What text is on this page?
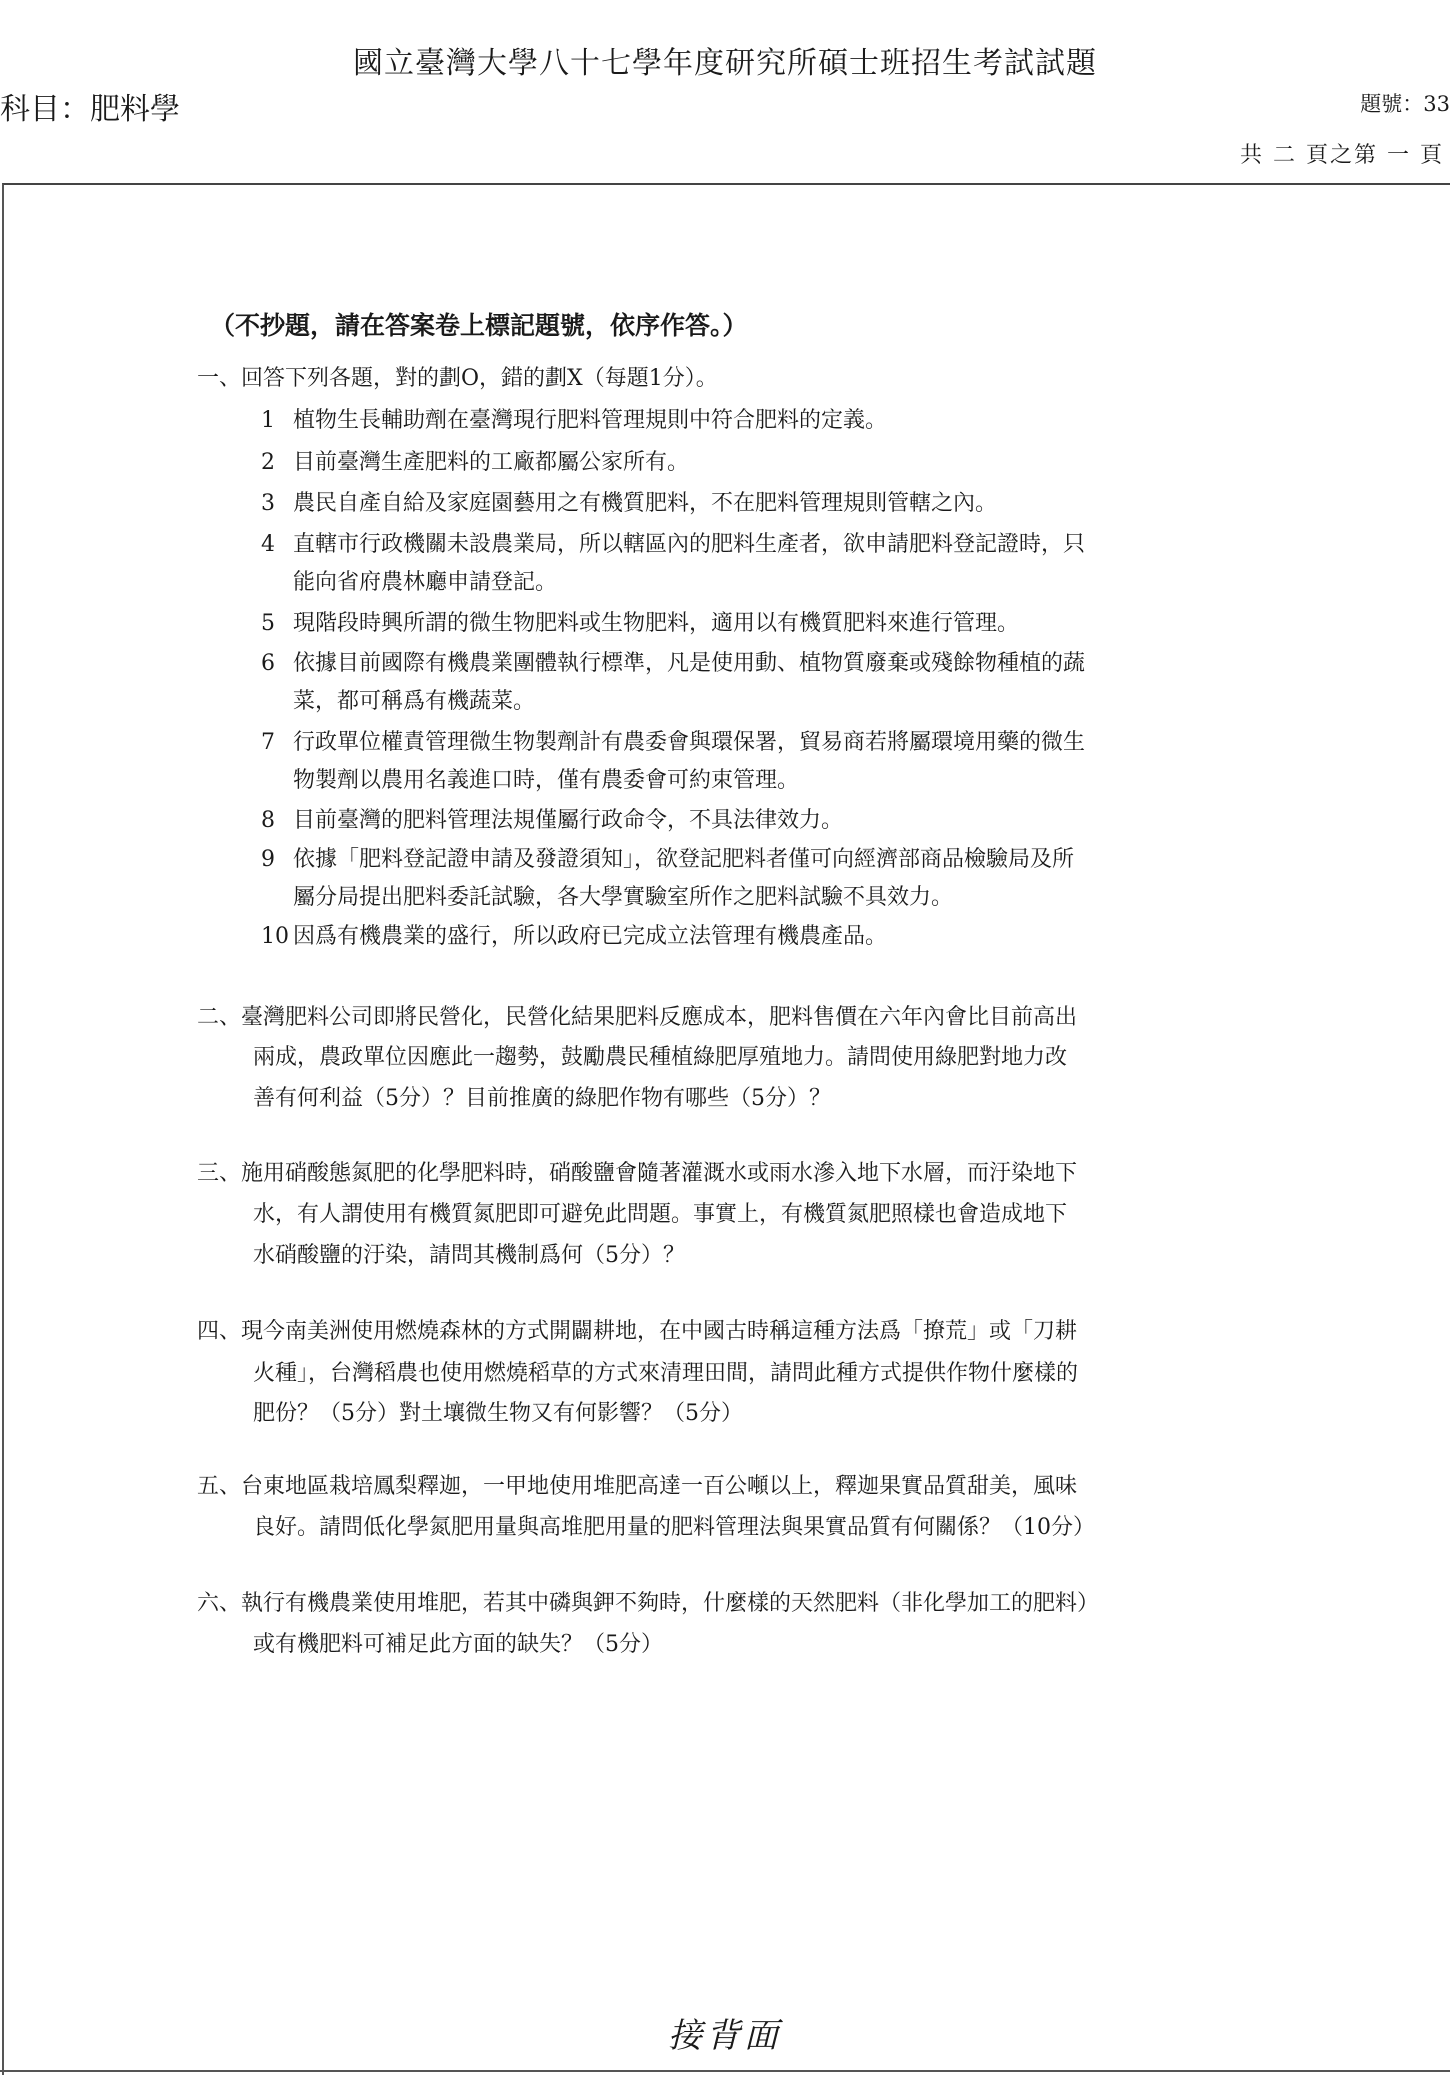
國立臺灣大學八十七學年度研究所碩士班招生考試試題
科目：肥料學	題號：33
共 二 頁之第 一 頁
（不抄題，請在答案卷上標記題號，依序作答。）
一、回答下列各題，對的劃O，錯的劃X（每題1分）。
1 植物生長輔助劑在臺灣現行肥料管理規則中符合肥料的定義。
2 目前臺灣生產肥料的工廠都屬公家所有。
3 農民自產自給及家庭園藝用之有機質肥料，不在肥料管理規則管轄之內。
4 直轄市行政機關未設農業局，所以轄區內的肥料生產者，欲申請肥料登記證時，只
能向省府農林廳申請登記。
5 現階段時興所謂的微生物肥料或生物肥料，適用以有機質肥料來進行管理。
6 依據目前國際有機農業團體執行標準，凡是使用動、植物質廢棄或殘餘物種植的蔬
菜，都可稱爲有機蔬菜。
7 行政單位權責管理微生物製劑計有農委會與環保署，貿易商若將屬環境用藥的微生
物製劑以農用名義進口時，僅有農委會可約束管理。
8 目前臺灣的肥料管理法規僅屬行政命令，不具法律效力。
9 依據「肥料登記證申請及發證須知」，欲登記肥料者僅可向經濟部商品檢驗局及所
屬分局提出肥料委託試驗，各大學實驗室所作之肥料試驗不具效力。
10 因爲有機農業的盛行，所以政府已完成立法管理有機農產品。
二、臺灣肥料公司即將民營化，民營化結果肥料反應成本，肥料售價在六年內會比目前高出
兩成，農政單位因應此一趨勢，鼓勵農民種植綠肥厚殖地力。請問使用綠肥對地力改
善有何利益（5分）？目前推廣的綠肥作物有哪些（5分）？
三、施用硝酸態氮肥的化學肥料時，硝酸鹽會隨著灌溉水或雨水滲入地下水層，而汙染地下
水，有人謂使用有機質氮肥即可避免此問題。事實上，有機質氮肥照樣也會造成地下
水硝酸鹽的汙染，請問其機制爲何（5分）？
四、現今南美洲使用燃燒森林的方式開闢耕地，在中國古時稱這種方法爲「撩荒」或「刀耕
火種」，台灣稻農也使用燃燒稻草的方式來清理田間，請問此種方式提供作物什麼樣的
肥份？（5分）對土壤微生物又有何影響？（5分）
五、台東地區栽培鳳梨釋迦，一甲地使用堆肥高達一百公噸以上，釋迦果實品質甜美，風味
良好。請問低化學氮肥用量與高堆肥用量的肥料管理法與果實品質有何關係？（10分）
六、執行有機農業使用堆肥，若其中磷與鉀不夠時，什麼樣的天然肥料（非化學加工的肥料）
或有機肥料可補足此方面的缺失？（5分）
接背面
